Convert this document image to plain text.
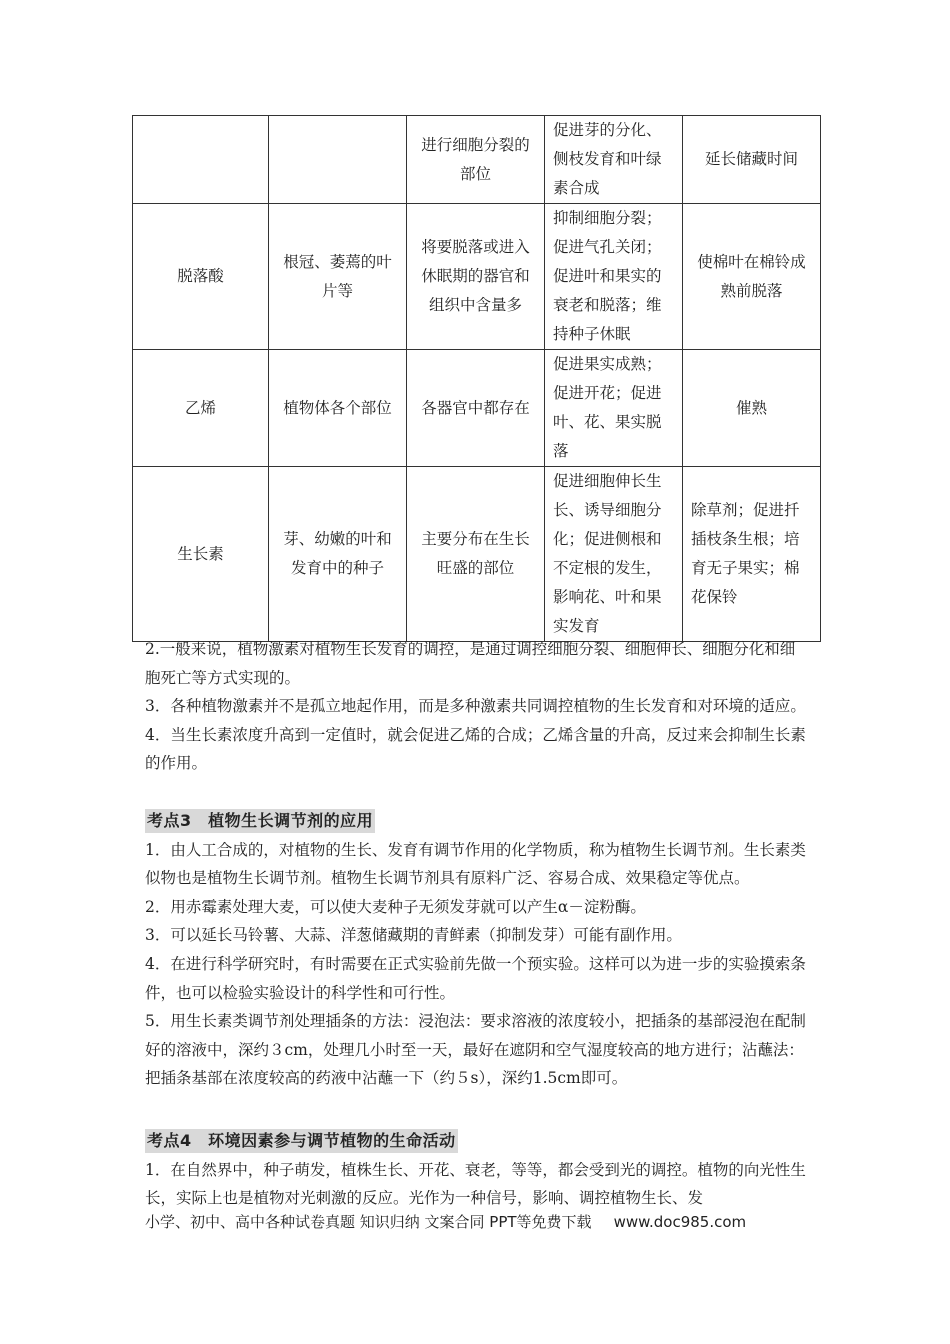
		进行细胞分裂的部位	促进芽的分化、侧枝发育和叶绿素合成	延长储藏时间
脱落酸	根冠、萎蔫的叶片等	将要脱落或进入休眠期的器官和组织中含量多	抑制细胞分裂；促进气孔关闭；促进叶和果实的衰老和脱落；维持种子休眠	使棉叶在棉铃成熟前脱落
乙烯	植物体各个部位	各器官中都存在	促进果实成熟；促进开花；促进叶、花、果实脱落	催熟
生长素	芽、幼嫩的叶和发育中的种子	主要分布在生长旺盛的部位	促进细胞伸长生长、诱导细胞分化；促进侧根和不定根的发生，影响花、叶和果实发育	除草剂；促进扦插枝条生根；培育无子果实；棉花保铃

2.一般来说，植物激素对植物生长发育的调控，是通过调控细胞分裂、细胞伸长、细胞分化和细胞死亡等方式实现的。

3．各种植物激素并不是孤立地起作用，而是多种激素共同调控植物的生长发育和对环境的适应。

4．当生长素浓度升高到一定值时，就会促进乙烯的合成；乙烯含量的升高，反过来会抑制生长素的作用。

考点3　植物生长调节剂的应用

1．由人工合成的，对植物的生长、发育有调节作用的化学物质，称为植物生长调节剂。生长素类似物也是植物生长调节剂。植物生长调节剂具有原料广泛、容易合成、效果稳定等优点。

2．用赤霉素处理大麦，可以使大麦种子无须发芽就可以产生α－淀粉酶。

3．可以延长马铃薯、大蒜、洋葱储藏期的青鲜素（抑制发芽）可能有副作用。

4．在进行科学研究时，有时需要在正式实验前先做一个预实验。这样可以为进一步的实验摸索条件，也可以检验实验设计的科学性和可行性。

5．用生长素类调节剂处理插条的方法：浸泡法：要求溶液的浓度较小，把插条的基部浸泡在配制好的溶液中，深约３cm，处理几小时至一天，最好在遮阴和空气湿度较高的地方进行；沾蘸法：把插条基部在浓度较高的药液中沾蘸一下（约５s），深约1.5cm即可。

考点4　环境因素参与调节植物的生命活动

1．在自然界中，种子萌发，植株生长、开花、衰老，等等，都会受到光的调控。植物的向光性生长，实际上也是植物对光刺激的反应。光作为一种信号，影响、调控植物生长、发

小学、初中、高中各种试卷真题 知识归纳 文案合同 PPT等免费下载 www.doc985.com
